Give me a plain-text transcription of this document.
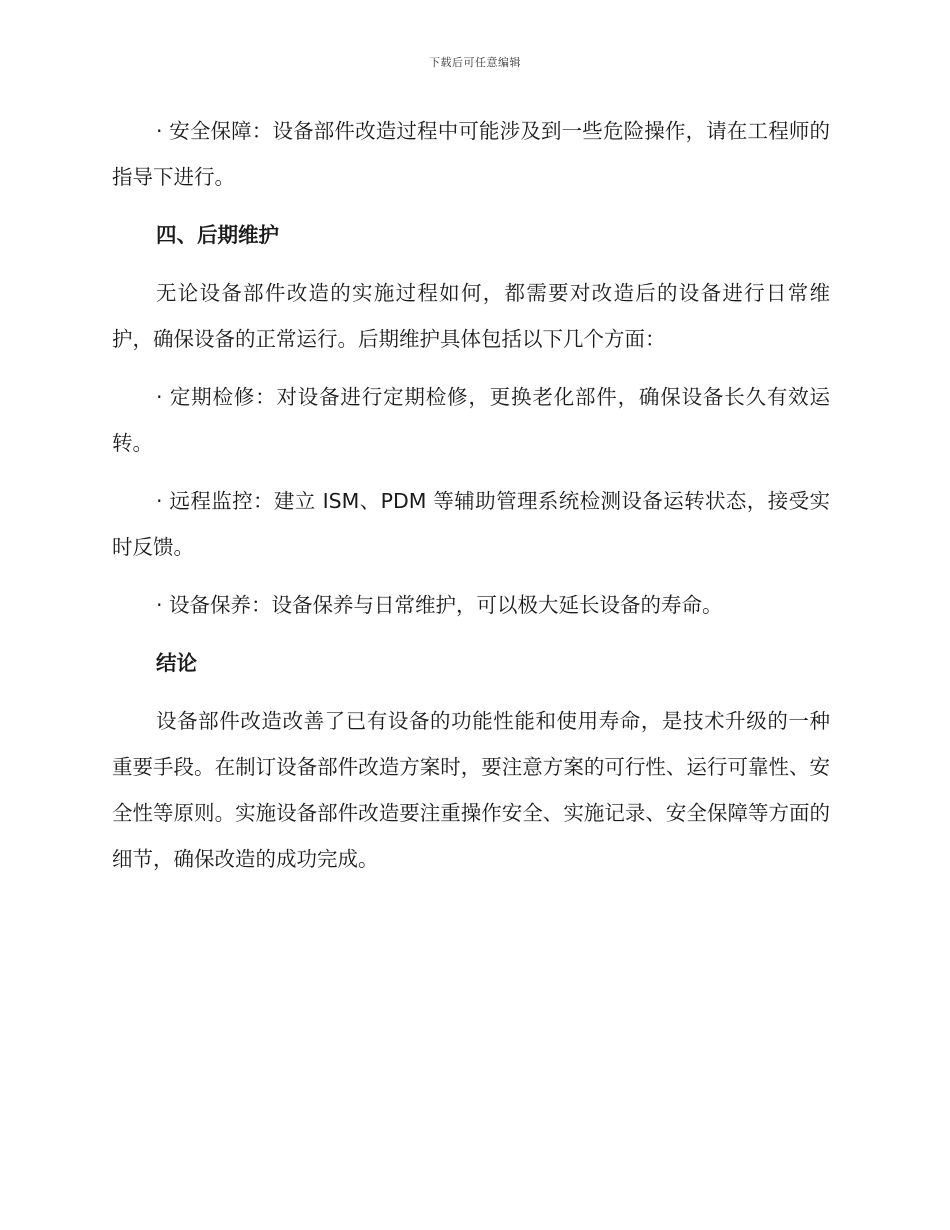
下载后可任意编辑

· 安全保障：设备部件改造过程中可能涉及到一些危险操作，请在工程师的指导下进行。

四、后期维护

无论设备部件改造的实施过程如何，都需要对改造后的设备进行日常维护，确保设备的正常运行。后期维护具体包括以下几个方面：

· 定期检修：对设备进行定期检修，更换老化部件，确保设备长久有效运转。

· 远程监控：建立 ISM、PDM 等辅助管理系统检测设备运转状态，接受实时反馈。

· 设备保养：设备保养与日常维护，可以极大延长设备的寿命。

结论

设备部件改造改善了已有设备的功能性能和使用寿命，是技术升级的一种重要手段。在制订设备部件改造方案时，要注意方案的可行性、运行可靠性、安全性等原则。实施设备部件改造要注重操作安全、实施记录、安全保障等方面的细节，确保改造的成功完成。
